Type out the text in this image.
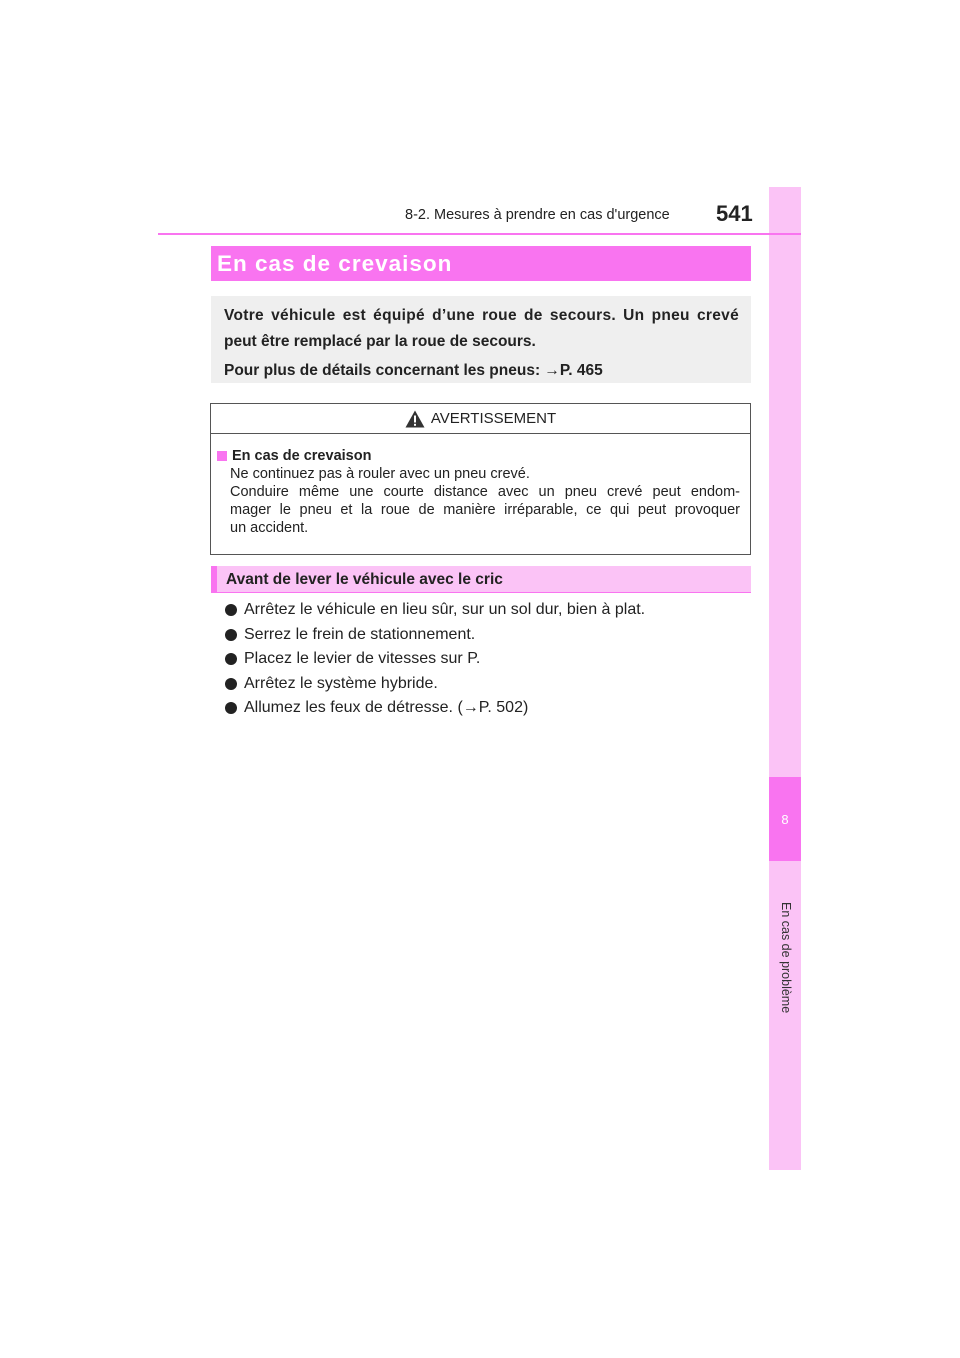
8
En cas de problème
8-2. Mesures à prendre en cas d'urgence 541
En cas de crevaison

Votre véhicule est équipé d’une roue de secours. Un pneu crevé

peut être remplacé par la roue de secours.

Pour plus de détails concernant les pneus: →P. 465

AVERTISSEMENT
En cas de crevaison
Ne continuez pas à rouler avec un pneu crevé.
Conduire même une courte distance avec un pneu crevé peut endom-
mager le pneu et la roue de manière irréparable, ce qui peut provoquer
un accident.
Avant de lever le véhicule avec le cric
Arrêtez le véhicule en lieu sûr, sur un sol dur, bien à plat.
Serrez le frein de stationnement.
Placez le levier de vitesses sur P.
Arrêtez le système hybride.
Allumez les feux de détresse. (→P. 502)
